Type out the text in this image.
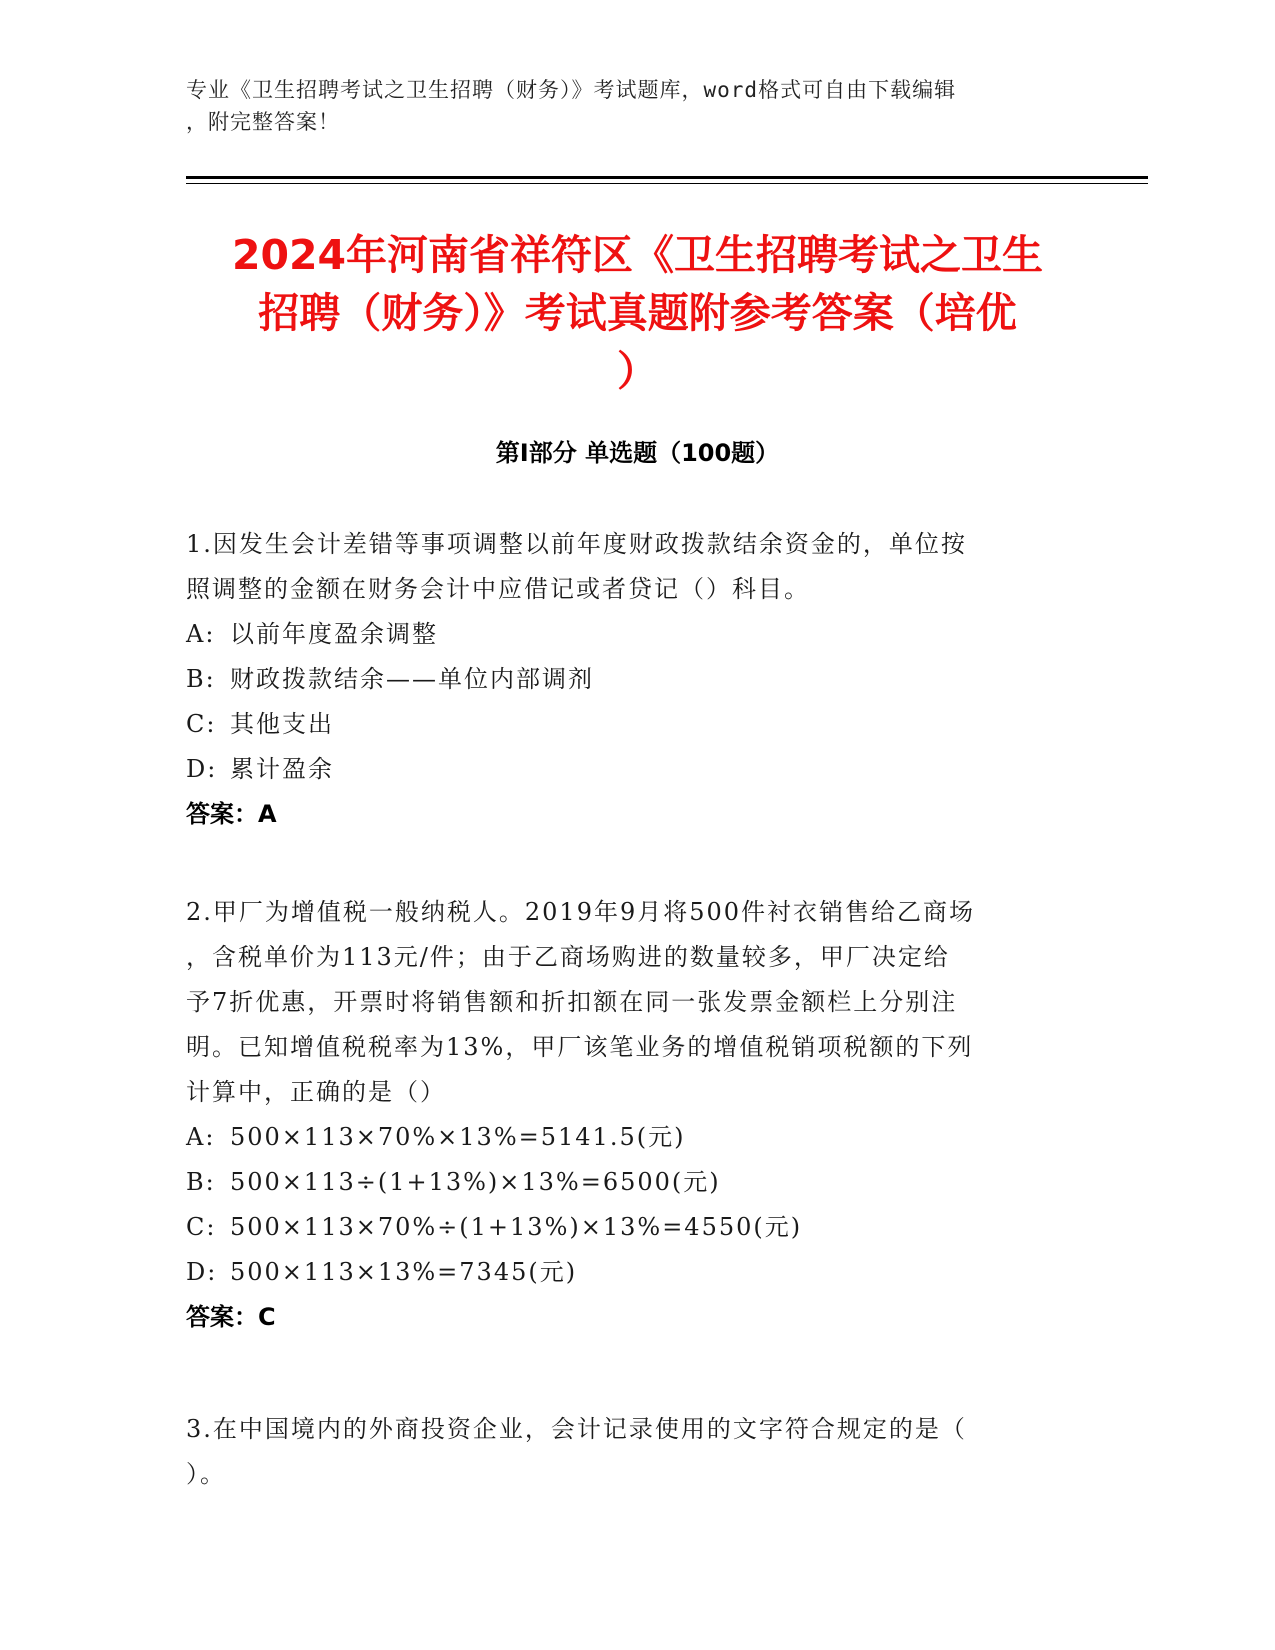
专业《卫生招聘考试之卫生招聘（财务）》考试题库，word格式可自由下载编辑
，附完整答案！
2024年河南省祥符区《卫生招聘考试之卫生
招聘（财务）》考试真题附参考答案（培优
）
第Ⅰ部分 单选题（100题）
1.因发生会计差错等事项调整以前年度财政拨款结余资金的，单位按
照调整的金额在财务会计中应借记或者贷记（）科目。
A: 以前年度盈余调整
B: 财政拨款结余——单位内部调剂
C: 其他支出
D: 累计盈余
答案：A
2.甲厂为增值税一般纳税人。2019年9月将500件衬衣销售给乙商场
，含税单价为113元/件；由于乙商场购进的数量较多，甲厂决定给
予7折优惠，开票时将销售额和折扣额在同一张发票金额栏上分别注
明。已知增值税税率为13%，甲厂该笔业务的增值税销项税额的下列
计算中，正确的是（）
A: 500×113×70%×13%=5141.5(元)
B: 500×113÷(1+13%)×13%=6500(元)
C: 500×113×70%÷(1+13%)×13%=4550(元)
D: 500×113×13%=7345(元)
答案：C
3.在中国境内的外商投资企业，会计记录使用的文字符合规定的是（
）。
